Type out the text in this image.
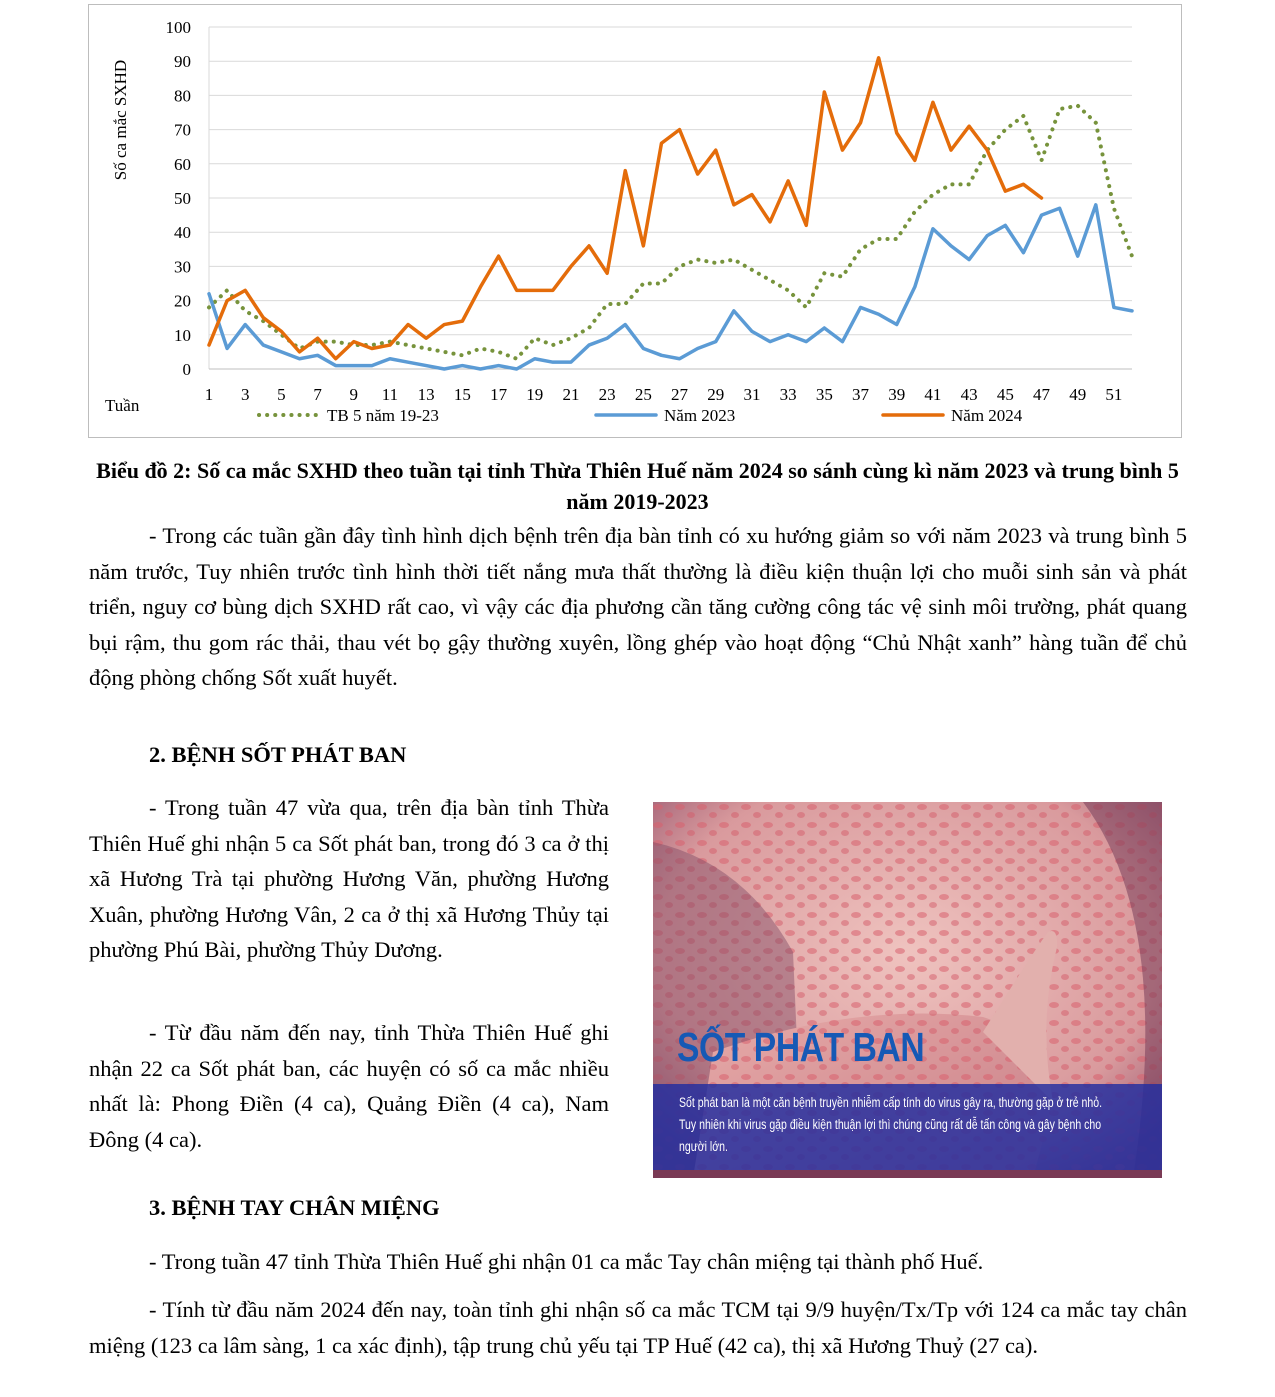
0
10
20
30
40
50
60
70
80
90
100
1 3 5 7 9 11 13 15 17 19 21 23 25 27 29 31 33 35 37 39 41 43 45 47 49 51
Số ca mắc SXHD
Tuần
TB 5 năm 19-23	Năm 2023	Năm 2024
Biểu đồ 2: Số ca mắc SXHD theo tuần tại tỉnh Thừa Thiên Huế năm 2024 so sánh cùng kì năm 2023 và trung bình 5 năm 2019-2023

- Trong các tuần gần đây tình hình dịch bệnh trên địa bàn tỉnh có xu hướng giảm so với năm 2023 và trung bình 5 năm trước, Tuy nhiên trước tình hình thời tiết nắng mưa thất thường là điều kiện thuận lợi cho muỗi sinh sản và phát triển, nguy cơ bùng dịch SXHD rất cao, vì vậy các địa phương cần tăng cường công tác vệ sinh môi trường, phát quang bụi rậm, thu gom rác thải, thau vét bọ gậy thường xuyên, lồng ghép vào hoạt động “Chủ Nhật xanh” hàng tuần để chủ động phòng chống Sốt xuất huyết.

2. BỆNH SỐT PHÁT BAN

- Trong tuần 47 vừa qua, trên địa bàn tỉnh Thừa Thiên Huế ghi nhận 5 ca Sốt phát ban, trong đó 3 ca ở thị xã Hương Trà tại phường Hương Văn, phường Hương Xuân, phường Hương Vân, 2 ca ở thị xã Hương Thủy tại phường Phú Bài, phường Thủy Dương.

- Từ đầu năm đến nay, tỉnh Thừa Thiên Huế ghi nhận 22 ca Sốt phát ban, các huyện có số ca mắc nhiều nhất là: Phong Điền (4 ca), Quảng Điền (4 ca), Nam Đông (4 ca).

SỐT PHÁT BAN
Sốt phát ban là một căn bệnh truyền nhiễm cấp tính do virus gây ra, thường gặp ở trẻ nhỏ. Tuy nhiên khi virus gặp điều kiện thuận lợi thì chúng cũng rất dễ tấn công và gây bệnh cho người lớn.
3. BỆNH TAY CHÂN MIỆNG

- Trong tuần 47 tỉnh Thừa Thiên Huế ghi nhận 01 ca mắc Tay chân miệng tại thành phố Huế.

- Tính từ đầu năm 2024 đến nay, toàn tỉnh ghi nhận số ca mắc TCM tại 9/9 huyện/Tx/Tp với 124 ca mắc tay chân miệng (123 ca lâm sàng, 1 ca xác định), tập trung chủ yếu tại TP Huế (42 ca), thị xã Hương Thuỷ (27 ca).
